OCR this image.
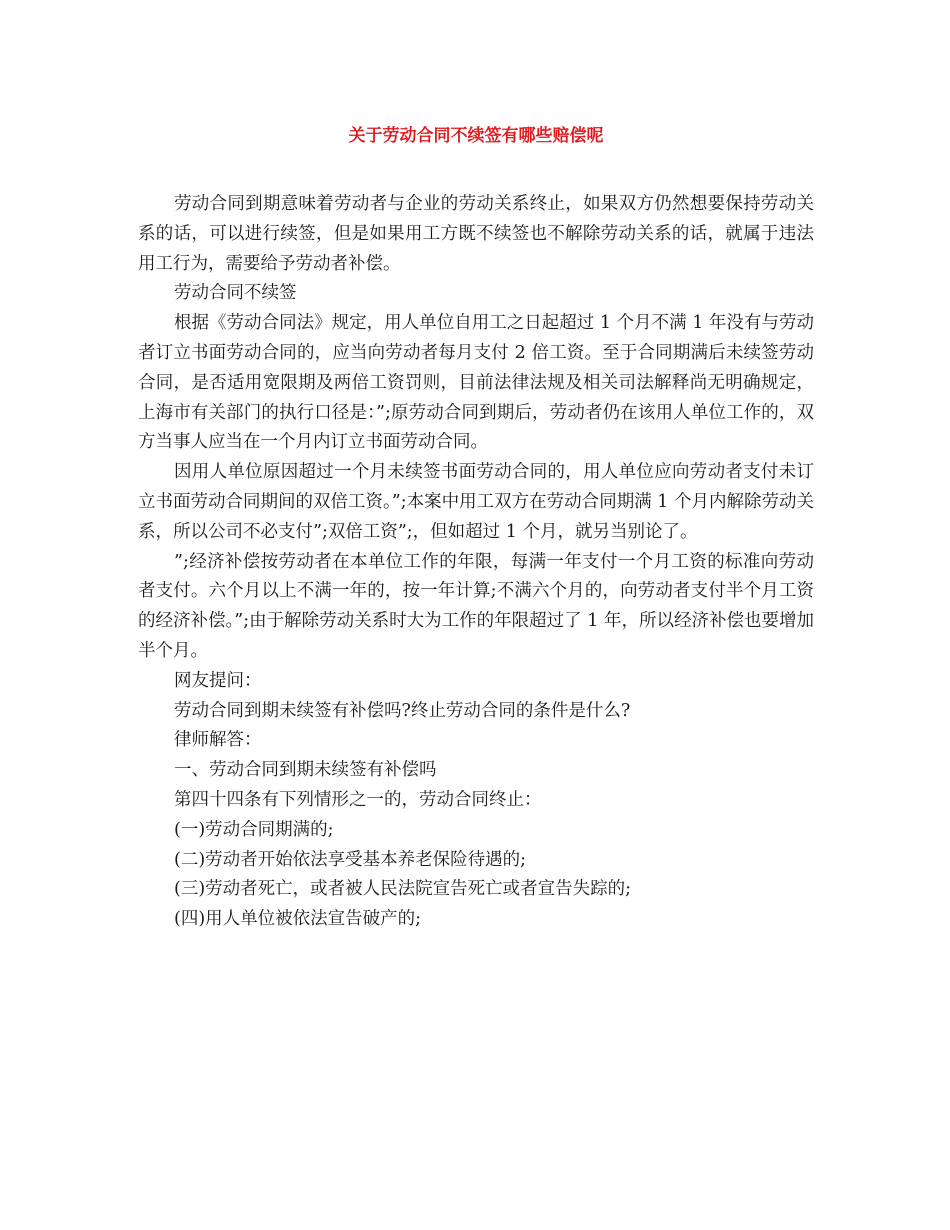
关于劳动合同不续签有哪些赔偿呢

劳动合同到期意味着劳动者与企业的劳动关系终止，如果双方仍然想要保持劳动关系的话，可以进行续签，但是如果用工方既不续签也不解除劳动关系的话，就属于违法用工行为，需要给予劳动者补偿。

劳动合同不续签

根据《劳动合同法》规定，用人单位自用工之日起超过 1 个月不满 1 年没有与劳动者订立书面劳动合同的，应当向劳动者每月支付 2 倍工资。至于合同期满后未续签劳动合同，是否适用宽限期及两倍工资罚则，目前法律法规及相关司法解释尚无明确规定，上海市有关部门的执行口径是：”;原劳动合同到期后，劳动者仍在该用人单位工作的，双方当事人应当在一个月内订立书面劳动合同。

因用人单位原因超过一个月未续签书面劳动合同的，用人单位应向劳动者支付未订立书面劳动合同期间的双倍工资。”;本案中用工双方在劳动合同期满 1 个月内解除劳动关系，所以公司不必支付”;双倍工资”;，但如超过 1 个月，就另当别论了。

”;经济补偿按劳动者在本单位工作的年限，每满一年支付一个月工资的标准向劳动者支付。六个月以上不满一年的，按一年计算;不满六个月的，向劳动者支付半个月工资的经济补偿。”;由于解除劳动关系时大为工作的年限超过了 1 年，所以经济补偿也要增加半个月。

网友提问：

劳动合同到期未续签有补偿吗?终止劳动合同的条件是什么?

律师解答：

一、劳动合同到期未续签有补偿吗

第四十四条有下列情形之一的，劳动合同终止：

(一)劳动合同期满的;

(二)劳动者开始依法享受基本养老保险待遇的;

(三)劳动者死亡，或者被人民法院宣告死亡或者宣告失踪的;

(四)用人单位被依法宣告破产的;
